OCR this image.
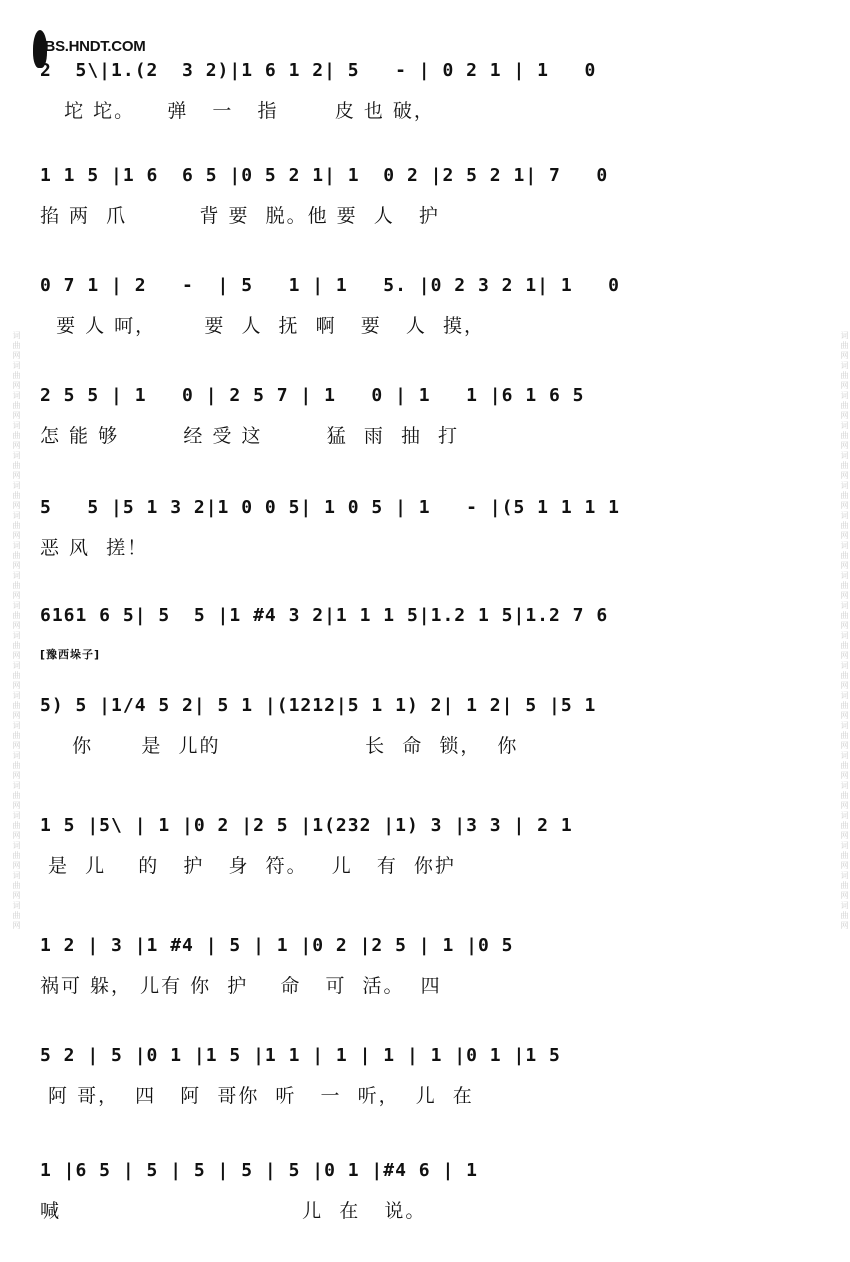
词曲网词曲网词曲网词曲网词曲网词曲网词曲网词曲网词曲网词曲网词曲网词曲网词曲网词曲网词曲网词曲网词曲网词曲网词曲网词曲网	词曲网词曲网词曲网词曲网词曲网词曲网词曲网词曲网词曲网词曲网词曲网词曲网词曲网词曲网词曲网词曲网词曲网词曲网词曲网词曲网
BBS.HNDT.COM
[豫西垛子]
2  5\|1.(2  3 2)|1 6 1 2| 5   - | 0 2 1 | 1   0
坨 坨。    弹   一   指       皮 也 破，
1 1 5 |1 6  6 5 |0 5 2 1| 1  0 2 |2 5 2 1| 7   0
掐 两  爪         背 要  脱。他 要  人   护
0 7 1 | 2   -  | 5   1 | 1   5. |0 2 3 2 1| 1   0
要 人 呵，      要  人  抚  啊   要   人  摸，
2 5 5 | 1   0 | 2 5 7 | 1   0 | 1   1 |6 1 6 5
怎 能 够        经 受 这        猛  雨  抽  打
5   5 |5 1 3 2|1 0 0 5| 1 0 5 | 1   - |(5 1 1 1 1
恶 风  搓！
6161 6 5| 5  5 |1 #4 3 2|1 1 1 5|1.2 1 5|1.2 7 6
5) 5 |1/4 5 2| 5 1 |(1212|5 1 1) 2| 1 2| 5 |5 1
你      是  儿的                  长  命  锁，  你
1 5 |5\ | 1 |0 2 |2 5 |1(232 |1) 3 |3 3 | 2 1
是  儿    的   护   身  符。   儿   有  你护
1 2 | 3 |1 #4 | 5 | 1 |0 2 |2 5 | 1 |0 5
祸可 躲， 儿有 你  护    命   可  活。  四
5 2 | 5 |0 1 |1 5 |1 1 | 1 | 1 | 1 |0 1 |1 5
阿 哥，  四   阿  哥你  听   一  听，  儿  在
1 |6 5 | 5 | 5 | 5 | 5 |0 1 |#4 6 | 1
喊                              儿  在   说。
